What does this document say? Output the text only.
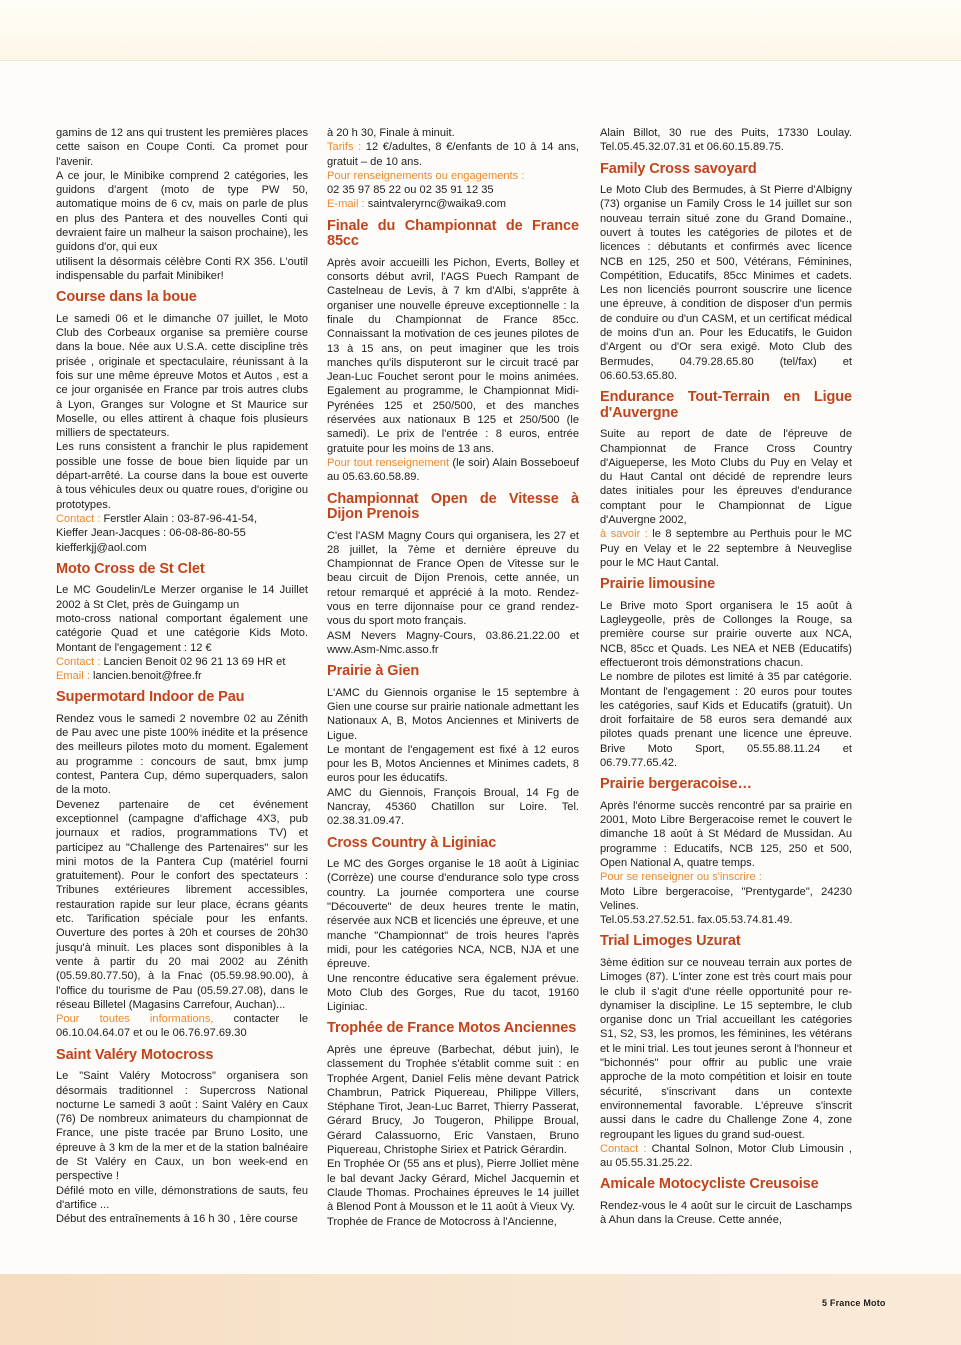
gamins de 12 ans qui trustent les premières places cette saison en Coupe Conti. Ca promet pour l'avenir.
A ce jour, le Minibike comprend 2 catégories, les guidons d'argent (moto de type PW 50, automatique moins de 6 cv, mais on parle de plus en plus des Pantera et des nouvelles Conti qui devraient faire un malheur la saison prochaine), les guidons d'or, qui eux
utilisent la désormais célèbre Conti RX 356. L'outil indispensable du parfait Minibiker!

Course dans la boue

Le samedi 06 et le dimanche 07 juillet, le Moto Club des Corbeaux organise sa première course dans la boue. Née aux U.S.A. cette discipline très prisée , originale et spectaculaire, réunissant à la fois sur une même épreuve Motos et Autos , est a ce jour organisée en France par trois autres clubs à Lyon, Granges sur Vologne et St Maurice sur Moselle, ou elles attirent à chaque fois plusieurs milliers de spectateurs.
Les runs consistent a franchir le plus rapidement possible une fosse de boue bien liquide par un départ-arrêté. La course dans la boue est ouverte à tous véhicules deux ou quatre roues, d'origine ou prototypes.

Contact : Ferstler Alain : 03-87-96-41-54,
Kieffer Jean-Jacques : 06-08-86-80-55
kiefferkjj@aol.com

Moto Cross de St Clet

Le MC Goudelin/Le Merzer organise le 14 Juillet 2002 à St Clet, près de Guingamp un
moto-cross national comportant également une catégorie Quad et une catégorie Kids Moto. Montant de l'engagement : 12 €

Contact : Lancien Benoit 02 96 21 13 69 HR et

Email : lancien.benoit@free.fr

Supermotard Indoor de Pau

Rendez vous le samedi 2 novembre 02 au Zénith de Pau avec une piste 100% inédite et la présence des meilleurs pilotes moto du moment. Egalement au programme : concours de saut, bmx jump contest, Pantera Cup, démo superquaders, salon de la moto.
Devenez partenaire de cet événement exceptionnel (campagne d'affichage 4X3, pub journaux et radios, programmations TV) et participez au "Challenge des Partenaires" sur les mini motos de la Pantera Cup (matériel fourni gratuitement). Pour le confort des spectateurs : Tribunes extérieures librement accessibles, restauration rapide sur leur place, écrans géants etc. Tarification spéciale pour les enfants. Ouverture des portes à 20h et courses de 20h30 jusqu'à minuit. Les places sont disponibles à la vente à partir du 20 mai 2002 au Zénith (05.59.80.77.50), à la Fnac (05.59.98.90.00), à l'office du tourisme de Pau (05.59.27.08), dans le réseau Billetel (Magasins Carrefour, Auchan)...

Pour toutes informations, contacter le 06.10.04.64.07 et ou le 06.76.97.69.30

Saint Valéry Motocross

Le "Saint Valéry Motocross" organisera son désormais traditionnel : Supercross National nocturne Le samedi 3 août : Saint Valéry en Caux (76) De nombreux animateurs du championnat de France, une piste tracée par Bruno Losito, une épreuve à 3 km de la mer et de la station balnéaire de St Valéry en Caux, un bon week-end en perspective !
Défilé moto en ville, démonstrations de sauts, feu d'artifice ...
Début des entraînements à 16 h 30 , 1ère course

à 20 h 30, Finale à minuit.

Tarifs : 12 €/adultes, 8 €/enfants de 10 à 14 ans, gratuit – de 10 ans.

Pour renseignements ou engagements :
02 35 97 85 22 ou 02 35 91 12 35

E-mail : saintvaleryrnc@waika9.com

Finale du Championnat de France 85cc

Après avoir accueilli les Pichon, Everts, Bolley et consorts début avril, l'AGS Puech Rampant de Castelneau de Levis, à 7 km d'Albi, s'apprête à organiser une nouvelle épreuve exceptionnelle : la finale du Championnat de France 85cc. Connaissant la motivation de ces jeunes pilotes de 13 à 15 ans, on peut imaginer que les trois manches qu'ils disputeront sur le circuit tracé par Jean-Luc Fouchet seront pour le moins animées. Egalement au programme, le Championnat Midi-Pyrénées 125 et 250/500, et des manches réservées aux nationaux B 125 et 250/500 (le samedi). Le prix de l'entrée : 8 euros, entrée gratuite pour les moins de 13 ans.

Pour tout renseignement (le soir) Alain Bosseboeuf au 05.63.60.58.89.

Championnat Open de Vitesse à Dijon Prenois

C'est l'ASM Magny Cours qui organisera, les 27 et 28 juillet, la 7ème et dernière épreuve du Championnat de France Open de Vitesse sur le beau circuit de Dijon Prenois, cette année, un retour remarqué et apprécié à la moto. Rendez-vous en terre dijonnaise pour ce grand rendez-vous du sport moto français.
ASM Nevers Magny-Cours, 03.86.21.22.00 et www.Asm-Nmc.asso.fr

Prairie à Gien

L'AMC du Giennois organise le 15 septembre à Gien une course sur prairie nationale admettant les Nationaux A, B, Motos Anciennes et Miniverts de Ligue.
Le montant de l'engagement est fixé à 12 euros pour les B, Motos Anciennes et Minimes cadets, 8 euros pour les éducatifs.
AMC du Giennois, François Broual, 14 Fg de Nancray, 45360 Chatillon sur Loire. Tel. 02.38.31.09.47.

Cross Country à Liginiac

Le MC des Gorges organise le 18 août à Liginiac (Corrèze) une course d'endurance solo type cross country. La journée comportera une course "Découverte" de deux heures trente le matin, réservée aux NCB et licenciés une épreuve, et une manche "Championnat" de trois heures l'après midi, pour les catégories NCA, NCB, NJA et une épreuve.
Une rencontre éducative sera également prévue. Moto Club des Gorges, Rue du tacot, 19160 Liginiac.

Trophée de France Motos Anciennes

Après une épreuve (Barbechat, début juin), le classement du Trophée s'établit comme suit : en Trophée Argent, Daniel Felis mène devant Patrick Chambrun, Patrick Piquereau, Philippe Villers, Stéphane Tirot, Jean-Luc Barret, Thierry Passerat, Gérard Brucy, Jo Tougeron, Philippe Broual, Gérard Calassuorno, Eric Vanstaen, Bruno Piquereau, Christophe Siriex et Patrick Gérardin.
En Trophée Or (55 ans et plus), Pierre Jolliet mène le bal devant Jacky Gérard, Michel Jacquemin et Claude Thomas. Prochaines épreuves le 14 juillet à Blenod Pont à Mousson et le 11 août à Vieux Vy.
Trophée de France de Motocross à l'Ancienne,

Alain Billot, 30 rue des Puits, 17330 Loulay. Tel.05.45.32.07.31 et 06.60.15.89.75.

Family Cross savoyard

Le Moto Club des Bermudes, à St Pierre d'Albigny (73) organise un Family Cross le 14 juillet sur son nouveau terrain situé zone du Grand Domaine., ouvert à toutes les catégories de pilotes et de licences : débutants et confirmés avec licence NCB en 125, 250 et 500, Vétérans, Féminines, Compétition, Educatifs, 85cc Minimes et cadets. Les non licenciés pourront souscrire une licence une épreuve, à condition de disposer d'un permis de conduire ou d'un CASM, et un certificat médical de moins d'un an. Pour les Educatifs, le Guidon d'Argent ou d'Or sera exigé. Moto Club des Bermudes, 04.79.28.65.80 (tel/fax) et 06.60.53.65.80.

Endurance Tout-Terrain en Ligue d'Auvergne

Suite au report de date de l'épreuve de Championnat de France Cross Country d'Aigueperse, les Moto Clubs du Puy en Velay et du Haut Cantal ont décidé de reprendre leurs dates initiales pour les épreuves d'endurance comptant pour le Championnat de Ligue d'Auvergne 2002,

à savoir : le 8 septembre au Perthuis pour le MC Puy en Velay et le 22 septembre à Neuveglise pour le MC Haut Cantal.

Prairie limousine

Le Brive moto Sport organisera le 15 août à Lagleygeolle, près de Collonges la Rouge, sa première course sur prairie ouverte aux NCA, NCB, 85cc et Quads. Les NEA et NEB (Educatifs) effectueront trois démonstrations chacun.
Le nombre de pilotes est limité à 35 par catégorie. Montant de l'engagement : 20 euros pour toutes les catégories, sauf Kids et Educatifs (gratuit). Un droit forfaitaire de 58 euros sera demandé aux pilotes quads prenant une licence une épreuve. Brive Moto Sport, 05.55.88.11.24 et 06.79.77.65.42.

Prairie bergeracoise…

Après l'énorme succès rencontré par sa prairie en 2001, Moto Libre Bergeracoise remet le couvert le dimanche 18 août à St Médard de Mussidan. Au programme : Educatifs, NCB 125, 250 et 500, Open National A, quatre temps.

Pour se renseigner ou s'inscrire :
Moto Libre bergeracoise, "Prentygarde", 24230 Velines.
Tel.05.53.27.52.51. fax.05.53.74.81.49.

Trial Limoges Uzurat

3ème édition sur ce nouveau terrain aux portes de Limoges (87). L'inter zone est très court mais pour le club il s'agit d'une réelle opportunité pour re-dynamiser la discipline. Le 15 septembre, le club organise donc un Trial accueillant les catégories S1, S2, S3, les promos, les féminines, les vétérans et le mini trial. Les tout jeunes seront à l'honneur et "bichonnés" pour offrir au public une vraie approche de la moto compétition et loisir en toute sécurité, s'inscrivant dans un contexte environnemental favorable. L'épreuve s'inscrit aussi dans le cadre du Challenge Zone 4, zone regroupant les ligues du grand sud-ouest.

Contact : Chantal Solnon, Motor Club Limousin , au 05.55.31.25.22.

Amicale Motocycliste Creusoise

Rendez-vous le 4 août sur le circuit de Laschamps à Ahun dans la Creuse. Cette année,

5 France Moto
